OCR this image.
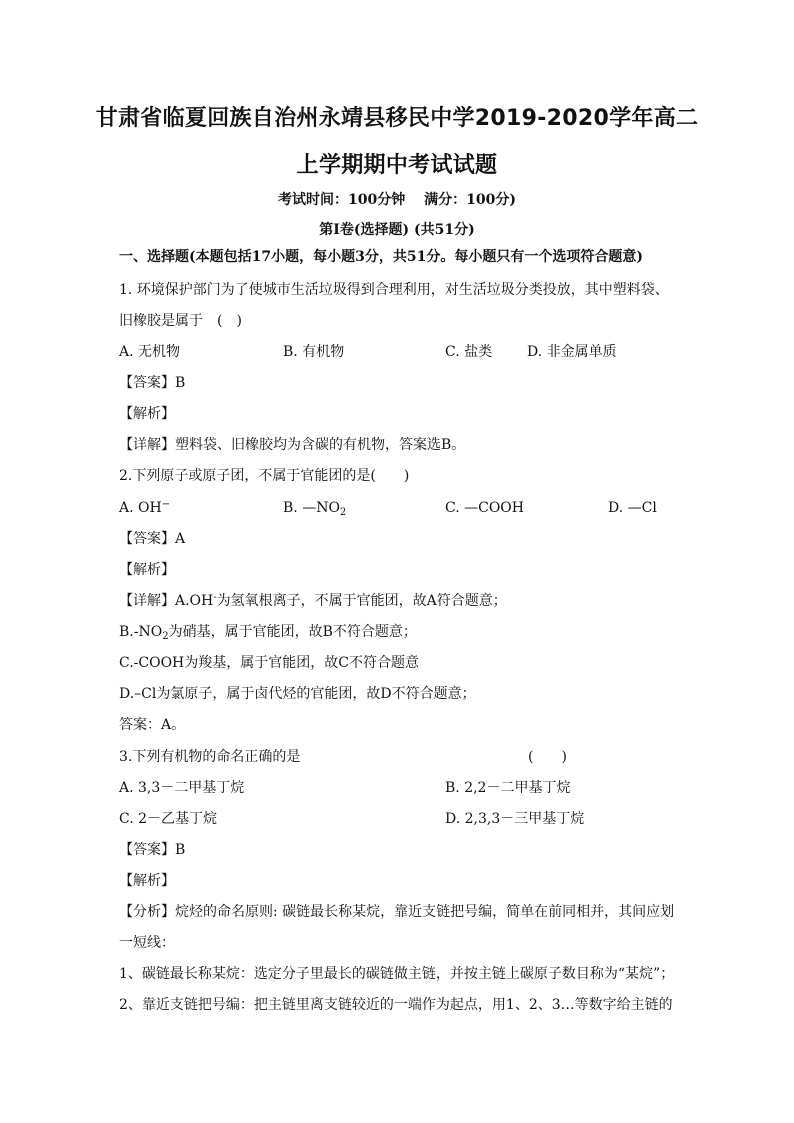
甘肃省临夏回族自治州永靖县移民中学2019-2020学年高二
上学期期中考试试题
考试时间：100分钟　 满分：100分)
第Ⅰ卷(选择题) (共51分)
一、选择题(本题包括17小题，每小题3分，共51分。每小题只有一个选项符合题意)
1. 环境保护部门为了使城市生活垃圾得到合理利用，对生活垃圾分类投放，其中塑料袋、
旧橡胶是属于　(　)
A. 无机物	B. 有机物	C. 盐类 D. 非金属单质
【答案】B
【解析】
【详解】塑料袋、旧橡胶均为含碳的有机物，答案选B。
2.下列原子或原子团，不属于官能团的是(　　)
A. OH−	B. $—NO_2$	C. —COOH	D. —Cl
【答案】A
【解析】
【详解】A.OH-为氢氧根离子，不属于官能团，故A符合题意；
$B.-NO_2$为硝基，属于官能团，故B不符合题意；
C.-COOH为羧基，属于官能团，故C不符合题意
D.–Cl为氯原子，属于卤代烃的官能团，故D不符合题意；
答案：A。
3.下列有机物的命名正确的是	(　　)
A. 3,3－二甲基丁烷	B. 2,2－二甲基丁烷
C. 2－乙基丁烷	D. 2,3,3－三甲基丁烷
【答案】B
【解析】
【分析】烷烃的命名原则: 碳链最长称某烷，靠近支链把号编，简单在前同相并，其间应划
一短线：
1、碳链最长称某烷：选定分子里最长的碳链做主链，并按主链上碳原子数目称为“某烷”；
2、靠近支链把号编：把主链里离支链较近的一端作为起点，用1、2、3…等数字给主链的
